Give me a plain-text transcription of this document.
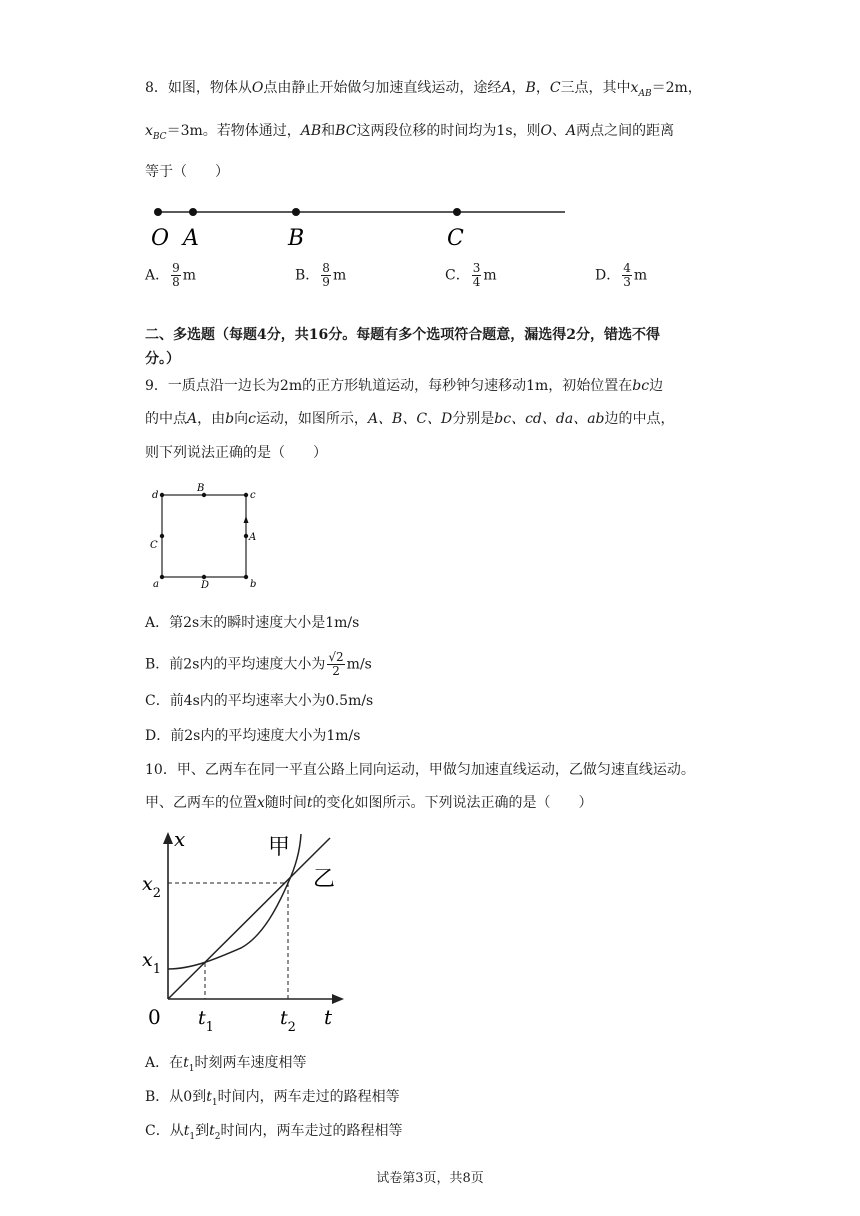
8．如图，物体从O点由静止开始做匀加速直线运动，途经A，B，C三点，其中$x_{AB}=2m$，
$x_{BC}=3m$。若物体通过，AB和BC这两段位移的时间均为1s，则O、A两点之间的距离
等于（　　）
O A	B	C
A． $\frac{9}{8}$ m	B． $\frac{8}{9}$ m	C． $\frac{3}{4}$ m	D． $\frac{4}{3}$ m
二、多选题（每题4分，共16分。每题有多个选项符合题意，漏选得2分，错选不得
分。）
9．一质点沿一边长为2m的正方形轨道运动，每秒钟匀速移动1m，初始位置在bc边
的中点A，由b向c运动，如图所示，A、B、C、D分别是bc、cd、da、ab边的中点，
则下列说法正确的是（　　）
d
B
c
C
A
a	D	b
A．第2s末的瞬时速度大小是1m/s
B．前2s内的平均速度大小为 $\frac{√2}{2} m/s$
C．前4s内的平均速率大小为0.5m/s
D．前2s内的平均速度大小为1m/s
10．甲、乙两车在同一平直公路上同向运动，甲做匀加速直线运动，乙做匀速直线运动。
甲、乙两车的位置x随时间t的变化如图所示。下列说法正确的是（　　）
x	甲
乙
$x_2$
$x_1$
0 $t_1$	$t_2$ t
A．在$t_1$时刻两车速度相等
B．从0到$t_1$时间内，两车走过的路程相等
C．从$t_1$到$t_2$时间内，两车走过的路程相等
试卷第3页，共8页
